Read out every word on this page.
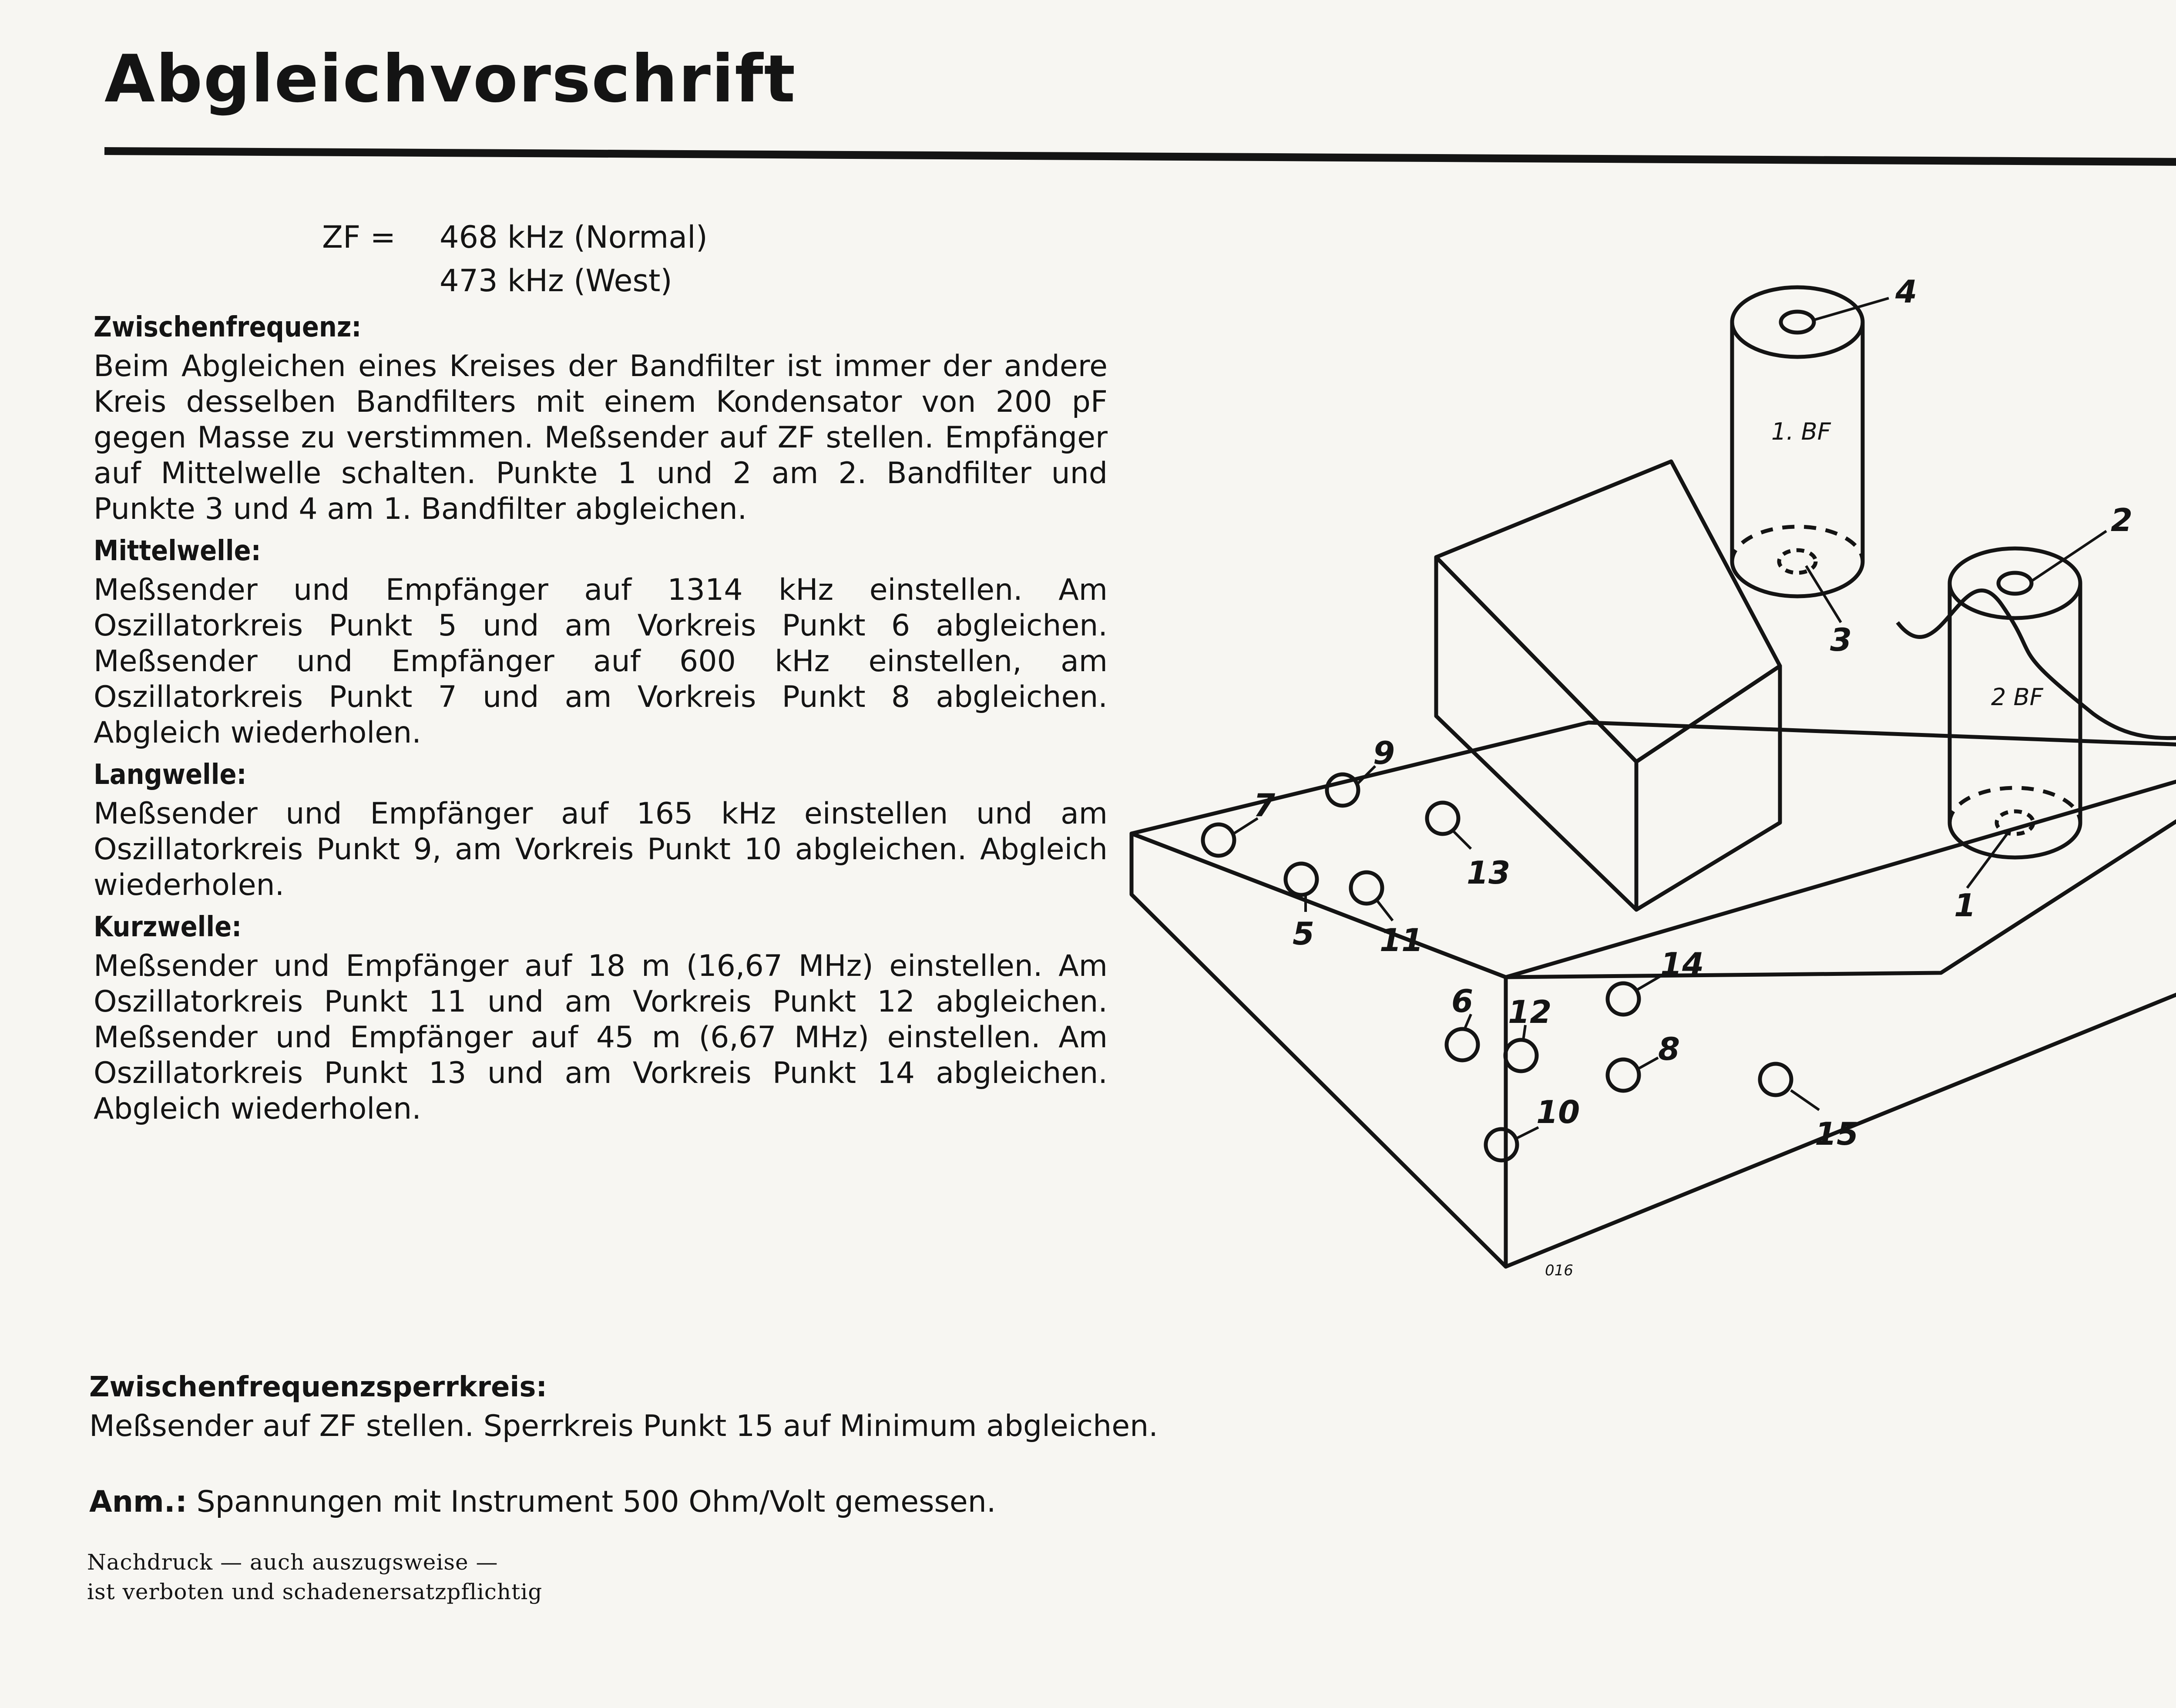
Abgleichvorschrift
ZF = 468 kHz (Normal)
473 kHz (West)
Zwischenfrequenz:

Beim Abgleichen eines Kreises der Bandfilter ist immer der andere Kreis desselben Bandfilters mit einem Kondensator von 200 pF gegen Masse zu verstimmen. Meßsender auf ZF stellen. Empfänger auf Mittelwelle schalten. Punkte 1 und 2 am 2. Bandfilter und Punkte 3 und 4 am 1. Bandfilter abgleichen.

Mittelwelle:

Meßsender und Empfänger auf 1314 kHz einstellen. Am Oszillatorkreis Punkt 5 und am Vorkreis Punkt 6 abgleichen. Meßsender und Empfänger auf 600 kHz einstellen, am Oszillatorkreis Punkt 7 und am Vorkreis Punkt 8 abgleichen. Abgleich wiederholen.

Langwelle:

Meßsender und Empfänger auf 165 kHz einstellen und am Oszillatorkreis Punkt 9, am Vorkreis Punkt 10 abgleichen. Abgleich wiederholen.

Kurzwelle:

Meßsender und Empfänger auf 18 m (16,67 MHz) einstellen. Am Oszillatorkreis Punkt 11 und am Vorkreis Punkt 12 abgleichen. Meßsender und Empfänger auf 45 m (6,67 MHz) einstellen. Am Oszillatorkreis Punkt 13 und am Vorkreis Punkt 14 abgleichen. Abgleich wiederholen.

Zwischenfrequenzsperrkreis:

Meßsender auf ZF stellen. Sperrkreis Punkt 15 auf Minimum abgleichen.

Anm.: Spannungen mit Instrument 500 Ohm/Volt gemessen.

Nachdruck — auch auszugsweise —
ist verboten und schadenersatzpflichtig
1. BF
2 BF
016
4
2
3
1
7
9
5 11
13
6 12
14
8
10
15
